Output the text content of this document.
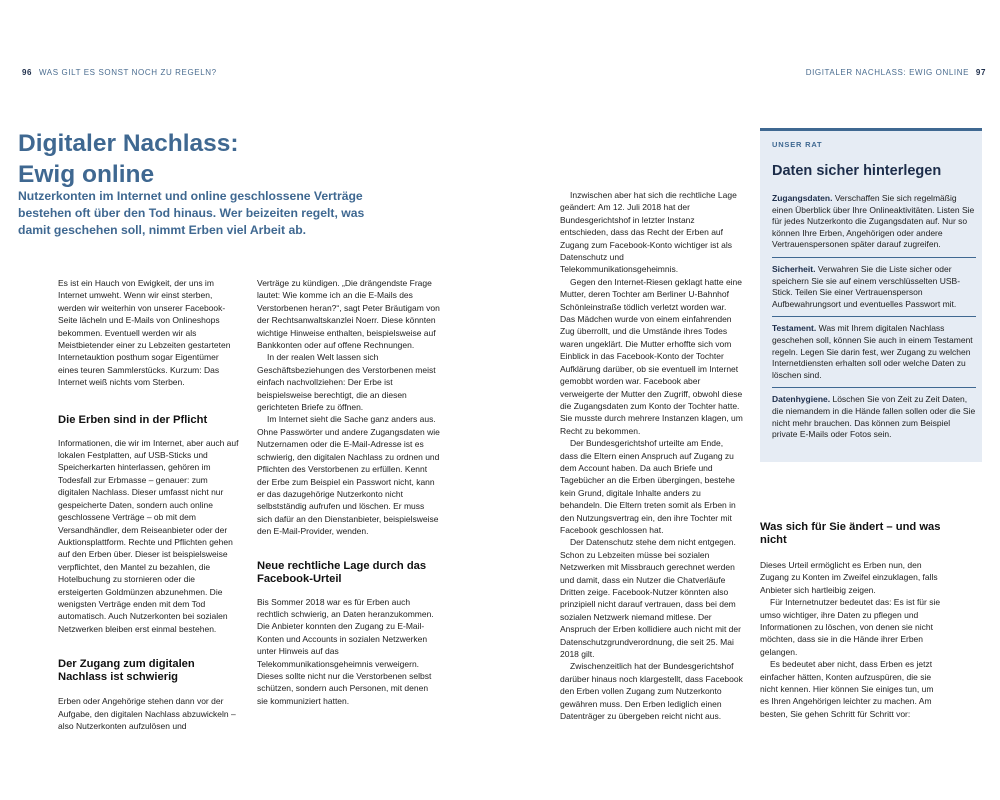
96 WAS GILT ES SONST NOCH ZU REGELN?	DIGITALER NACHLASS: EWIG ONLINE 97
Digitaler Nachlass:
Ewig online
Nutzerkonten im Internet und online geschlossene Verträge bestehen oft über den Tod hinaus. Wer beizeiten regelt, was damit geschehen soll, nimmt Erben viel Arbeit ab.

Es ist ein Hauch von Ewigkeit, der uns im Internet umweht. Wenn wir einst sterben, werden wir weiterhin von unserer Facebook-Seite lächeln und E-Mails von Onlineshops bekommen. Eventuell werden wir als Meistbietender einer zu Lebzeiten gestarteten Internetauktion posthum sogar Eigentümer eines teuren Sammlerstücks. Kurzum: Das Internet weiß nichts vom Sterben.

Die Erben sind in der Pflicht

Informationen, die wir im Internet, aber auch auf lokalen Festplatten, auf USB-Sticks und Speicherkarten hinterlassen, gehören im Todesfall zur Erbmasse – genauer: zum digitalen Nachlass. Dieser umfasst nicht nur gespeicherte Daten, sondern auch online geschlossene Verträge – ob mit dem Versandhändler, dem Reiseanbieter oder der Auktionsplattform. Rechte und Pflichten gehen auf den Erben über. Dieser ist beispielsweise verpflichtet, den Mantel zu bezahlen, die Hotelbuchung zu stornieren oder die ersteigerten Goldmünzen abzunehmen. Die wenigsten Verträge enden mit dem Tod automatisch. Auch Nutzerkonten bei sozialen Netzwerken bleiben erst einmal bestehen.

Der Zugang zum digitalen Nachlass ist schwierig

Erben oder Angehörige stehen dann vor der Aufgabe, den digitalen Nachlass abzuwickeln – also Nutzerkonten aufzulösen und

Verträge zu kündigen. „Die drängendste Frage lautet: Wie komme ich an die E-Mails des Verstorbenen heran?“, sagt Peter Bräutigam von der Rechtsanwaltskanzlei Noerr. Diese könnten wichtige Hinweise enthalten, beispielsweise auf Bankkonten oder auf offene Rechnungen.

In der realen Welt lassen sich Geschäftsbeziehungen des Verstorbenen meist einfach nachvollziehen: Der Erbe ist beispielsweise berechtigt, die an diesen gerichteten Briefe zu öffnen.

Im Internet sieht die Sache ganz anders aus. Ohne Passwörter und andere Zugangsdaten wie Nutzernamen oder die E-Mail-Adresse ist es schwierig, den digitalen Nachlass zu ordnen und Pflichten des Verstorbenen zu erfüllen. Kennt der Erbe zum Beispiel ein Passwort nicht, kann er das dazugehörige Nutzerkonto nicht selbstständig aufrufen und löschen. Er muss sich dafür an den Dienstanbieter, beispielsweise den E-Mail-Provider, wenden.

Neue rechtliche Lage durch das Facebook-Urteil

Bis Sommer 2018 war es für Erben auch rechtlich schwierig, an Daten heranzukommen. Die Anbieter konnten den Zugang zu E-Mail-Konten und Accounts in sozialen Netzwerken unter Hinweis auf das Telekommunikationsgeheimnis verweigern. Dieses sollte nicht nur die Verstorbenen selbst schützen, sondern auch Personen, mit denen sie kommuniziert hatten.

Inzwischen aber hat sich die rechtliche Lage geändert: Am 12. Juli 2018 hat der Bundesgerichtshof in letzter Instanz entschieden, dass das Recht der Erben auf Zugang zum Facebook-Konto wichtiger ist als Datenschutz und Telekommunikationsgeheimnis.

Gegen den Internet-Riesen geklagt hatte eine Mutter, deren Tochter am Berliner U-Bahnhof Schönleinstraße tödlich verletzt worden war. Das Mädchen wurde von einem einfahrenden Zug überrollt, und die Umstände ihres Todes waren ungeklärt. Die Mutter erhoffte sich vom Einblick in das Facebook-Konto der Tochter Aufklärung darüber, ob sie eventuell im Internet gemobbt worden war. Facebook aber verweigerte der Mutter den Zugriff, obwohl diese die Zugangsdaten zum Konto der Tochter hatte. Sie musste durch mehrere Instanzen klagen, um Recht zu bekommen.

Der Bundesgerichtshof urteilte am Ende, dass die Eltern einen Anspruch auf Zugang zu dem Account haben. Da auch Briefe und Tagebücher an die Erben übergingen, bestehe kein Grund, digitale Inhalte anders zu behandeln. Die Eltern treten somit als Erben in den Nutzungsvertrag ein, den ihre Tochter mit Facebook geschlossen hat.

Der Datenschutz stehe dem nicht entgegen. Schon zu Lebzeiten müsse bei sozialen Netzwerken mit Missbrauch gerechnet werden und damit, dass ein Nutzer die Chatverläufe Dritten zeige. Facebook-Nutzer könnten also prinzipiell nicht darauf vertrauen, dass bei dem sozialen Netzwerk niemand mitlese. Der Anspruch der Erben kollidiere auch nicht mit der Datenschutzgrundverordnung, die seit 25. Mai 2018 gilt.

Zwischenzeitlich hat der Bundesgerichtshof darüber hinaus noch klargestellt, dass Facebook den Erben vollen Zugang zum Nutzerkonto gewähren muss. Den Erben lediglich einen Datenträger zu übergeben reicht nicht aus.

UNSER RAT
Daten sicher hinterlegen
Zugangsdaten. Verschaffen Sie sich regelmäßig einen Überblick über Ihre Onlineaktivitäten. Listen Sie für jedes Nutzerkonto die Zugangsdaten auf. Nur so können Ihre Erben, Angehörigen oder andere Vertrauenspersonen später darauf zugreifen.
Sicherheit. Verwahren Sie die Liste sicher oder speichern Sie sie auf einem verschlüsselten USB-Stick. Teilen Sie einer Vertrauensperson Aufbewahrungsort und eventuelles Passwort mit.
Testament. Was mit Ihrem digitalen Nachlass geschehen soll, können Sie auch in einem Testament regeln. Legen Sie darin fest, wer Zugang zu welchen Internetdiensten erhalten soll oder welche Daten zu löschen sind.
Datenhygiene. Löschen Sie von Zeit zu Zeit Daten, die niemandem in die Hände fallen sollen oder die Sie nicht mehr brauchen. Das können zum Beispiel private E-Mails oder Fotos sein.
Was sich für Sie ändert – und was nicht

Dieses Urteil ermöglicht es Erben nun, den Zugang zu Konten im Zweifel einzuklagen, falls Anbieter sich hartleibig zeigen.

Für Internetnutzer bedeutet das: Es ist für sie umso wichtiger, ihre Daten zu pflegen und Informationen zu löschen, von denen sie nicht möchten, dass sie in die Hände ihrer Erben gelangen.

Es bedeutet aber nicht, dass Erben es jetzt einfacher hätten, Konten aufzuspüren, die sie nicht kennen. Hier können Sie einiges tun, um es Ihren Angehörigen leichter zu machen. Am besten, Sie gehen Schritt für Schritt vor:
